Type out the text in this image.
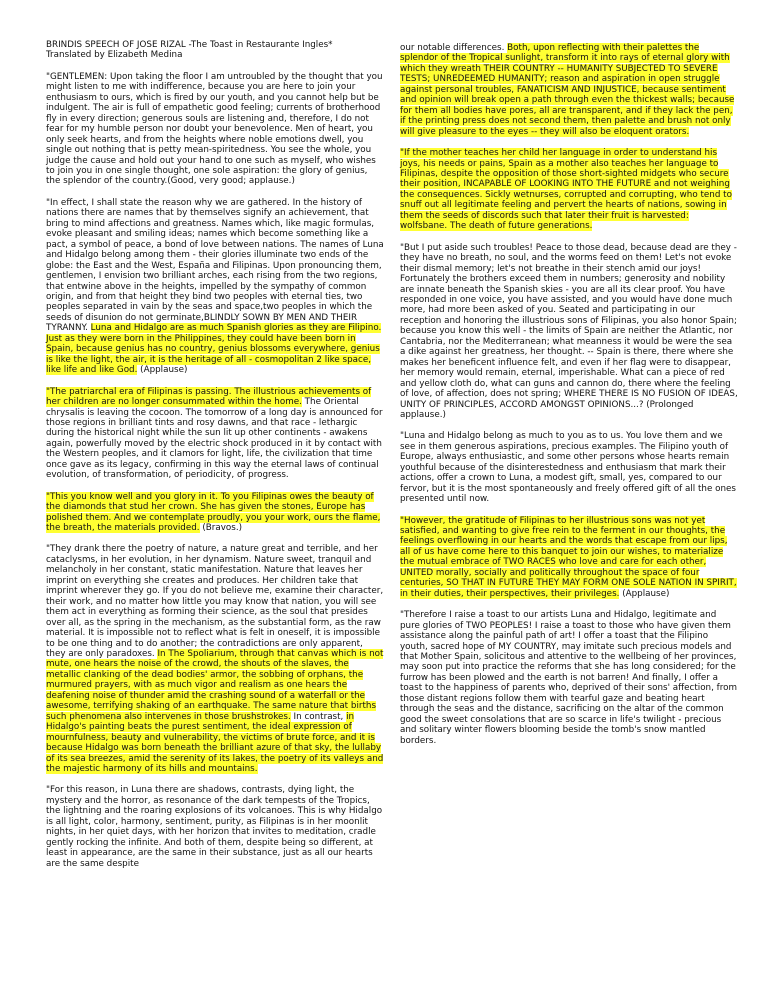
BRINDIS SPEECH OF JOSE RIZAL -The Toast in Restaurante Ingles*
Translated by Elizabeth Medina

"GENTLEMEN: Upon taking the floor I am untroubled by the thought that you might listen to me with indifference, because you are here to join your enthusiasm to ours, which is fired by our youth, and you cannot help but be indulgent. The air is full of empathetic good feeling; currents of brotherhood fly in every direction; generous souls are listening and, therefore, I do not fear for my humble person nor doubt your benevolence. Men of heart, you only seek hearts, and from the heights where noble emotions dwell, you single out nothing that is petty mean-spiritedness. You see the whole, you judge the cause and hold out your hand to one such as myself, who wishes to join you in one single thought, one sole aspiration: the glory of genius, the splendor of the country.(Good, very good; applause.)

"In effect, I shall state the reason why we are gathered. In the history of nations there are names that by themselves signify an achievement, that bring to mind affections and greatness. Names which, like magic formulas, evoke pleasant and smiling ideas; names which become something like a pact, a symbol of peace, a bond of love between nations. The names of Luna and Hidalgo belong among them - their glories illuminate two ends of the globe: the East and the West, España and Filipinas. Upon pronouncing them, gentlemen, I envision two brilliant arches, each rising from the two regions, that entwine above in the heights, impelled by the sympathy of common origin, and from that height they bind two peoples with eternal ties, two peoples separated in vain by the seas and space,two peoples in which the seeds of disunion do not germinate,BLINDLY SOWN BY MEN AND THEIR TYRANNY. Luna and Hidalgo are as much Spanish glories as they are Filipino. Just as they were born in the Philippines, they could have been born in Spain, because genius has no country, genius blossoms everywhere, genius is like the light, the air, it is the heritage of all - cosmopolitan 2 like space, like life and like God. (Applause)

"The patriarchal era of Filipinas is passing. The illustrious achievements of her children are no longer consummated within the home. The Oriental chrysalis is leaving the cocoon. The tomorrow of a long day is announced for those regions in brilliant tints and rosy dawns, and that race - lethargic during the historical night while the sun lit up other continents - awakens again, powerfully moved by the electric shock produced in it by contact with the Western peoples, and it clamors for light, life, the civilization that time once gave as its legacy, confirming in this way the eternal laws of continual evolution, of transformation, of periodicity, of progress.

"This you know well and you glory in it. To you Filipinas owes the beauty of the diamonds that stud her crown. She has given the stones, Europe has polished them. And we contemplate proudly, you your work, ours the flame, the breath, the materials provided. (Bravos.)

"They drank there the poetry of nature, a nature great and terrible, and her cataclysms, in her evolution, in her dynamism. Nature sweet, tranquil and melancholy in her constant, static manifestation. Nature that leaves her imprint on everything she creates and produces. Her children take that imprint wherever they go. If you do not believe me, examine their character, their work, and no matter how little you may know that nation, you will see them act in everything as forming their science, as the soul that presides over all, as the spring in the mechanism, as the substantial form, as the raw material. It is impossible not to reflect what is felt in oneself, it is impossible to be one thing and to do another; the contradictions are only apparent, they are only paradoxes. In The Spoliarium, through that canvas which is not mute, one hears the noise of the crowd, the shouts of the slaves, the metallic clanking of the dead bodies' armor, the sobbing of orphans, the murmured prayers, with as much vigor and realism as one hears the deafening noise of thunder amid the crashing sound of a waterfall or the awesome, terrifying shaking of an earthquake. The same nature that births such phenomena also intervenes in those brushstrokes. In contrast, in Hidalgo's painting beats the purest sentiment, the ideal expression of mournfulness, beauty and vulnerability, the victims of brute force, and it is because Hidalgo was born beneath the brilliant azure of that sky, the lullaby of its sea breezes, amid the serenity of its lakes, the poetry of its valleys and the majestic harmony of its hills and mountains.

"For this reason, in Luna there are shadows, contrasts, dying light, the mystery and the horror, as resonance of the dark tempests of the Tropics, the lightning and the roaring explosions of its volcanoes. This is why Hidalgo is all light, color, harmony, sentiment, purity, as Filipinas is in her moonlit nights, in her quiet days, with her horizon that invites to meditation, cradle gently rocking the infinite. And both of them, despite being so different, at least in appearance, are the same in their substance, just as all our hearts are the same despite

our notable differences. Both, upon reflecting with their palettes the splendor of the Tropical sunlight, transform it into rays of eternal glory with which they wreath THEIR COUNTRY -- HUMANITY SUBJECTED TO SEVERE TESTS; UNREDEEMED HUMANITY; reason and aspiration in open struggle against personal troubles, FANATICISM AND INJUSTICE, because sentiment and opinion will break open a path through even the thickest walls; because for them all bodies have pores, all are transparent, and if they lack the pen, if the printing press does not second them, then palette and brush not only will give pleasure to the eyes -- they will also be eloquent orators.

"If the mother teaches her child her language in order to understand his joys, his needs or pains, Spain as a mother also teaches her language to Filipinas, despite the opposition of those short-sighted midgets who secure their position, INCAPABLE OF LOOKING INTO THE FUTURE and not weighing the consequences. Sickly wetnurses, corrupted and corrupting, who tend to snuff out all legitimate feeling and pervert the hearts of nations, sowing in them the seeds of discords such that later their fruit is harvested: wolfsbane. The death of future generations.

"But I put aside such troubles! Peace to those dead, because dead are they - they have no breath, no soul, and the worms feed on them! Let's not evoke their dismal memory; let's not breathe in their stench amid our joys! Fortunately the brothers exceed them in numbers; generosity and nobility are innate beneath the Spanish skies - you are all its clear proof. You have responded in one voice, you have assisted, and you would have done much more, had more been asked of you. Seated and participating in our reception and honoring the illustrious sons of Filipinas, you also honor Spain; because you know this well - the limits of Spain are neither the Atlantic, nor Cantabria, nor the Mediterranean; what meanness it would be were the sea a dike against her greatness, her thought. -- Spain is there, there where she makes her beneficent influence felt, and even if her flag were to disappear, her memory would remain, eternal, imperishable. What can a piece of red and yellow cloth do, what can guns and cannon do, there where the feeling of love, of affection, does not spring; WHERE THERE IS NO FUSION OF IDEAS, UNITY OF PRINCIPLES, ACCORD AMONGST OPINIONS...? (Prolonged applause.)

"Luna and Hidalgo belong as much to you as to us. You love them and we see in them generous aspirations, precious examples. The Filipino youth of Europe, always enthusiastic, and some other persons whose hearts remain youthful because of the disinterestedness and enthusiasm that mark their actions, offer a crown to Luna, a modest gift, small, yes, compared to our fervor, but it is the most spontaneously and freely offered gift of all the ones presented until now.

"However, the gratitude of Filipinas to her illustrious sons was not yet satisfied, and wanting to give free rein to the ferment in our thoughts, the feelings overflowing in our hearts and the words that escape from our lips, all of us have come here to this banquet to join our wishes, to materialize the mutual embrace of TWO RACES who love and care for each other, UNITED morally, socially and politically throughout the space of four centuries, SO THAT IN FUTURE THEY MAY FORM ONE SOLE NATION IN SPIRIT, in their duties, their perspectives, their privileges. (Applause)

"Therefore I raise a toast to our artists Luna and Hidalgo, legitimate and pure glories of TWO PEOPLES! I raise a toast to those who have given them assistance along the painful path of art! I offer a toast that the Filipino youth, sacred hope of MY COUNTRY, may imitate such precious models and that Mother Spain, solicitous and attentive to the wellbeing of her provinces, may soon put into practice the reforms that she has long considered; for the furrow has been plowed and the earth is not barren! And finally, I offer a toast to the happiness of parents who, deprived of their sons' affection, from those distant regions follow them with tearful gaze and beating heart through the seas and the distance, sacrificing on the altar of the common good the sweet consolations that are so scarce in life's twilight - precious and solitary winter flowers blooming beside the tomb's snow mantled borders.
